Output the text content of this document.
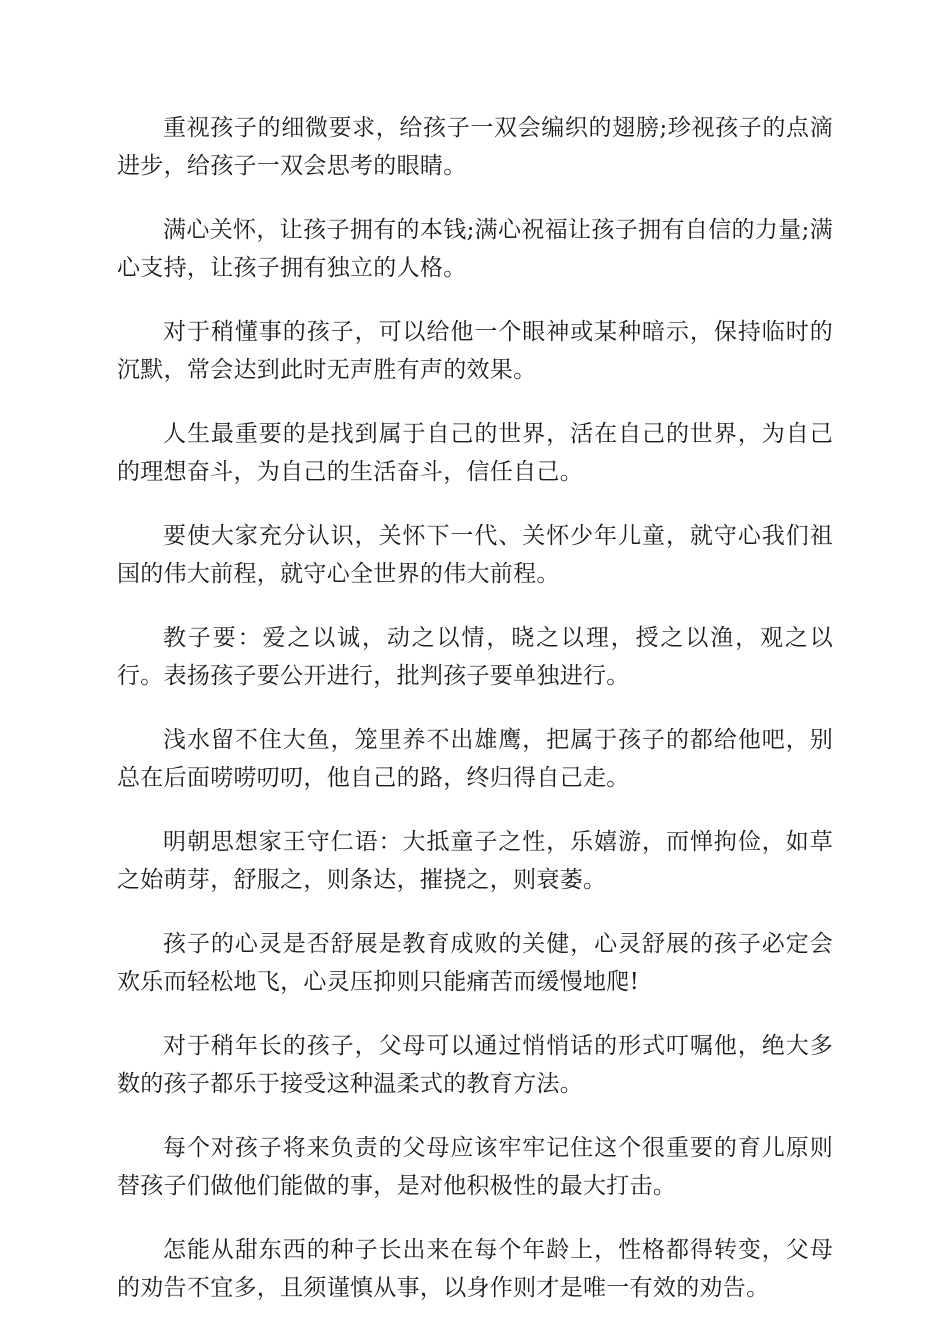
重视孩子的细微要求，给孩子一双会编织的翅膀;珍视孩子的点滴进步，给孩子一双会思考的眼睛。

满心关怀，让孩子拥有的本钱;满心祝福让孩子拥有自信的力量;满心支持，让孩子拥有独立的人格。

对于稍懂事的孩子，可以给他一个眼神或某种暗示，保持临时的沉默，常会达到此时无声胜有声的效果。

人生最重要的是找到属于自己的世界，活在自己的世界，为自己的理想奋斗，为自己的生活奋斗，信任自己。

要使大家充分认识，关怀下一代、关怀少年儿童，就守心我们祖国的伟大前程，就守心全世界的伟大前程。

教子要：爱之以诚，动之以情，晓之以理，授之以渔，观之以行。表扬孩子要公开进行，批判孩子要单独进行。

浅水留不住大鱼，笼里养不出雄鹰，把属于孩子的都给他吧，别总在后面唠唠叨叨，他自己的路，终归得自己走。

明朝思想家王守仁语：大抵童子之性，乐嬉游，而惮拘俭，如草之始萌芽，舒服之，则条达，摧挠之，则衰萎。

孩子的心灵是否舒展是教育成败的关健，心灵舒展的孩子必定会欢乐而轻松地飞，心灵压抑则只能痛苦而缓慢地爬!

对于稍年长的孩子，父母可以通过悄悄话的形式叮嘱他，绝大多数的孩子都乐于接受这种温柔式的教育方法。

每个对孩子将来负责的父母应该牢牢记住这个很重要的育儿原则替孩子们做他们能做的事，是对他积极性的最大打击。

怎能从甜东西的种子长出来在每个年龄上，性格都得转变，父母的劝告不宜多，且须谨慎从事，以身作则才是唯一有效的劝告。
